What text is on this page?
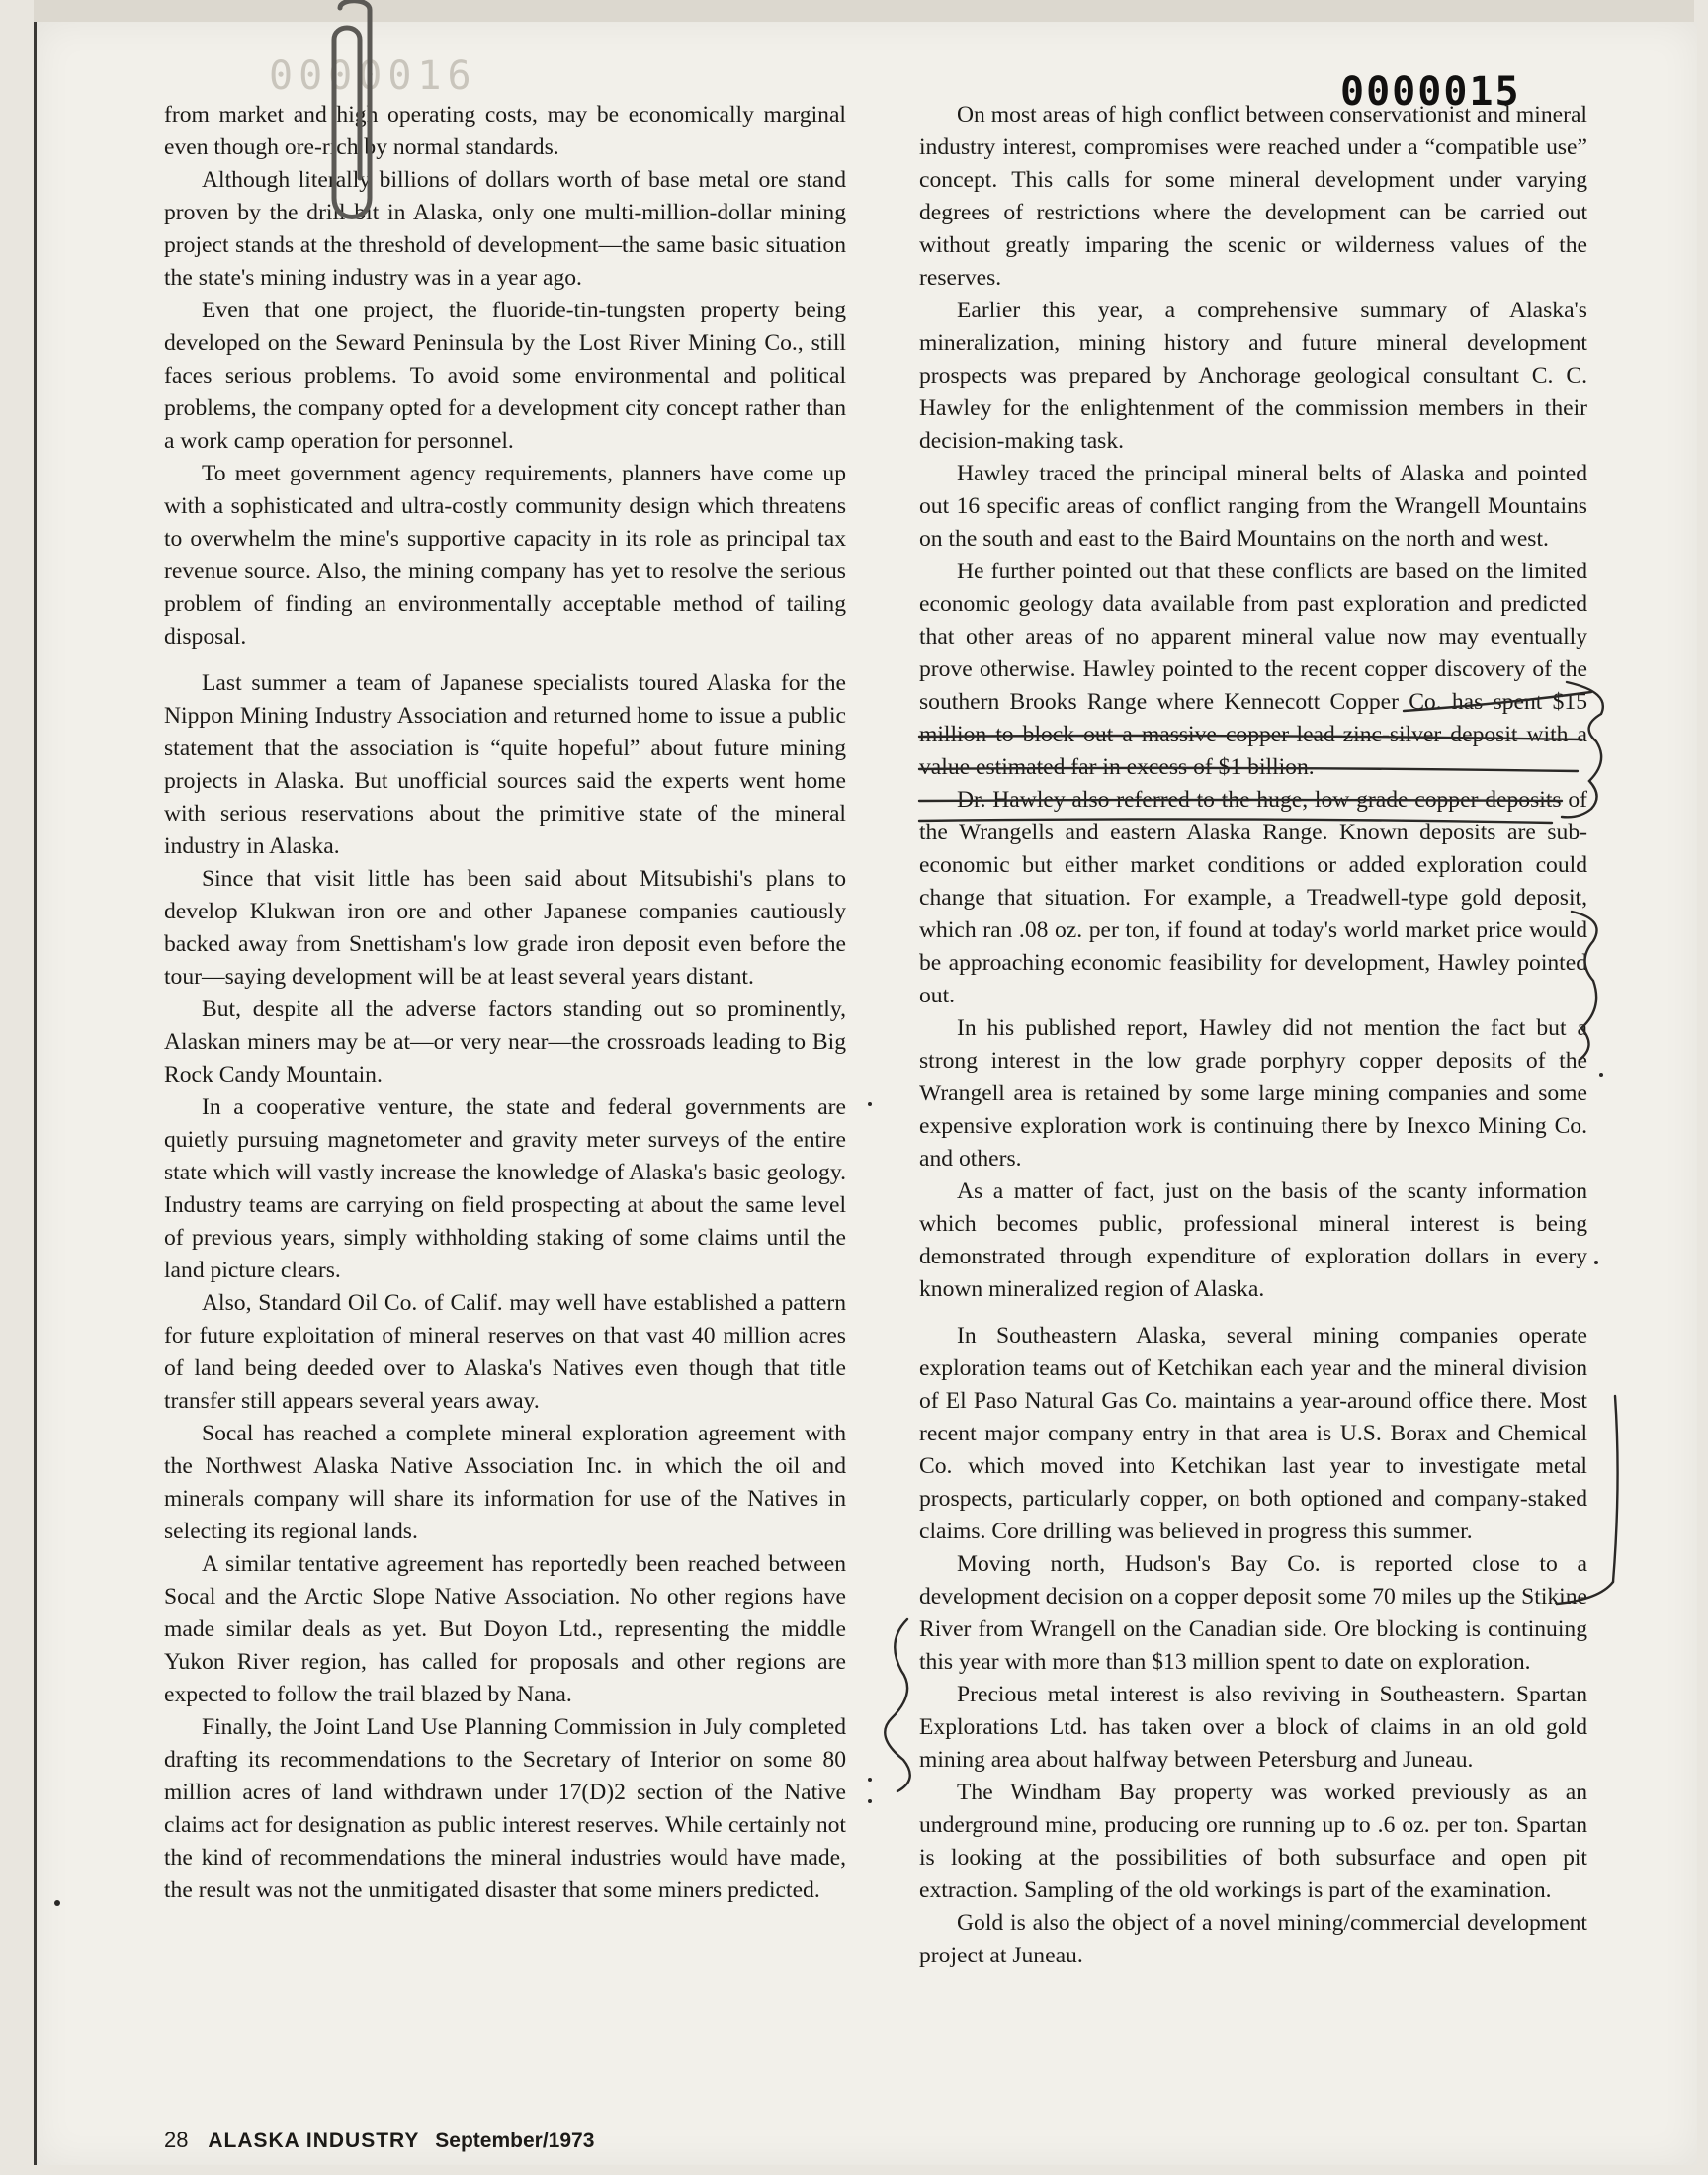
0000016	0000015

from market and high operating costs, may be economically marginal even though ore-rich by normal standards.

Although literally billions of dollars worth of base metal ore stand proven by the drill bit in Alaska, only one multi-million-dollar mining project stands at the threshold of development—the same basic situation the state's mining industry was in a year ago.

Even that one project, the fluoride-tin-tungsten property being developed on the Seward Peninsula by the Lost River Mining Co., still faces serious problems. To avoid some environmental and political problems, the company opted for a development city concept rather than a work camp operation for personnel.

To meet government agency requirements, planners have come up with a sophisticated and ultra-costly community design which threatens to overwhelm the mine's supportive capacity in its role as principal tax revenue source. Also, the mining company has yet to resolve the serious problem of finding an environmentally acceptable method of tailing disposal.

Last summer a team of Japanese specialists toured Alaska for the Nippon Mining Industry Association and returned home to issue a public statement that the association is “quite hopeful” about future mining projects in Alaska. But unofficial sources said the experts went home with serious reservations about the primitive state of the mineral industry in Alaska.

Since that visit little has been said about Mitsubishi's plans to develop Klukwan iron ore and other Japanese companies cautiously backed away from Snettisham's low grade iron deposit even before the tour—saying development will be at least several years distant.

But, despite all the adverse factors standing out so prominently, Alaskan miners may be at—or very near—the crossroads leading to Big Rock Candy Mountain.

In a cooperative venture, the state and federal governments are quietly pursuing magnetometer and gravity meter surveys of the entire state which will vastly increase the knowledge of Alaska's basic geology. Industry teams are carrying on field prospecting at about the same level of previous years, simply withholding staking of some claims until the land picture clears.

Also, Standard Oil Co. of Calif. may well have established a pattern for future exploitation of mineral reserves on that vast 40 million acres of land being deeded over to Alaska's Natives even though that title transfer still appears several years away.

Socal has reached a complete mineral exploration agreement with the Northwest Alaska Native Association Inc. in which the oil and minerals company will share its information for use of the Natives in selecting its regional lands.

A similar tentative agreement has reportedly been reached between Socal and the Arctic Slope Native Association. No other regions have made similar deals as yet. But Doyon Ltd., representing the middle Yukon River region, has called for proposals and other regions are expected to follow the trail blazed by Nana.

Finally, the Joint Land Use Planning Commission in July completed drafting its recommendations to the Secretary of Interior on some 80 million acres of land withdrawn under 17(D)2 section of the Native claims act for designation as public interest reserves. While certainly not the kind of recommendations the mineral industries would have made, the result was not the unmitigated disaster that some miners predicted.

On most areas of high conflict between conservationist and mineral industry interest, compromises were reached under a “compatible use” concept. This calls for some mineral development under varying degrees of restrictions where the development can be carried out without greatly imparing the scenic or wilderness values of the reserves.

Earlier this year, a comprehensive summary of Alaska's mineralization, mining history and future mineral development prospects was prepared by Anchorage geological consultant C. C. Hawley for the enlightenment of the commission members in their decision-making task.

Hawley traced the principal mineral belts of Alaska and pointed out 16 specific areas of conflict ranging from the Wrangell Mountains on the south and east to the Baird Mountains on the north and west.

He further pointed out that these conflicts are based on the limited economic geology data available from past exploration and predicted that other areas of no apparent mineral value now may eventually prove otherwise. Hawley pointed to the recent copper discovery of the southern Brooks Range where Kennecott Copper Co. has spent $15 million to block out a massive copper-lead-zinc-silver deposit with a value estimated far in excess of $1 billion.

Dr. Hawley also referred to the huge, low grade copper deposits of the Wrangells and eastern Alaska Range. Known deposits are sub-economic but either market conditions or added exploration could change that situation. For example, a Treadwell-type gold deposit, which ran .08 oz. per ton, if found at today's world market price would be approaching economic feasibility for development, Hawley pointed out.

In his published report, Hawley did not mention the fact but a strong interest in the low grade porphyry copper deposits of the Wrangell area is retained by some large mining companies and some expensive exploration work is continuing there by Inexco Mining Co. and others.

As a matter of fact, just on the basis of the scanty information which becomes public, professional mineral interest is being demonstrated through expenditure of exploration dollars in every known mineralized region of Alaska.

In Southeastern Alaska, several mining companies operate exploration teams out of Ketchikan each year and the mineral division of El Paso Natural Gas Co. maintains a year-around office there. Most recent major company entry in that area is U.S. Borax and Chemical Co. which moved into Ketchikan last year to investigate metal prospects, particularly copper, on both optioned and company-staked claims. Core drilling was believed in progress this summer.

Moving north, Hudson's Bay Co. is reported close to a development decision on a copper deposit some 70 miles up the Stikine River from Wrangell on the Canadian side. Ore blocking is continuing this year with more than $13 million spent to date on exploration.

Precious metal interest is also reviving in Southeastern. Spartan Explorations Ltd. has taken over a block of claims in an old gold mining area about halfway between Petersburg and Juneau.

The Windham Bay property was worked previously as an underground mine, producing ore running up to .6 oz. per ton. Spartan is looking at the possibilities of both subsurface and open pit extraction. Sampling of the old workings is part of the examination.

Gold is also the object of a novel mining/commercial development project at Juneau.

28 ALASKA INDUSTRY September/1973
